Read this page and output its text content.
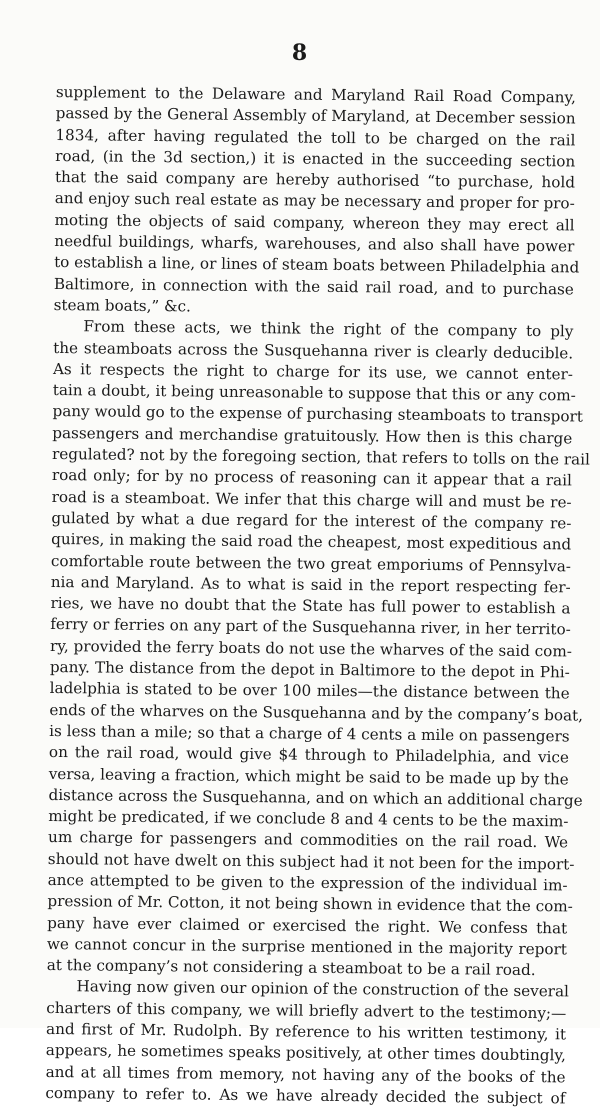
8
supplement to the Delaware and Maryland Rail Road Company,
passed by the General Assembly of Maryland, at December session
1834, after having regulated the toll to be charged on the rail
road, (in the 3d section,) it is enacted in the succeeding section
that the said company are hereby authorised “to purchase, hold
and enjoy such real estate as may be necessary and proper for pro-
moting the objects of said company, whereon they may erect all
needful buildings, wharfs, warehouses, and also shall have power
to establish a line, or lines of steam boats between Philadelphia and
Baltimore, in connection with the said rail road, and to purchase
steam boats,” &c.
From these acts, we think the right of the company to ply
the steamboats across the Susquehanna river is clearly deducible.
As it respects the right to charge for its use, we cannot enter-
tain a doubt, it being unreasonable to suppose that this or any com-
pany would go to the expense of purchasing steamboats to transport
passengers and merchandise gratuitously. How then is this charge
regulated? not by the foregoing section, that refers to tolls on the rail
road only; for by no process of reasoning can it appear that a rail
road is a steamboat. We infer that this charge will and must be re-
gulated by what a due regard for the interest of the company re-
quires, in making the said road the cheapest, most expeditious and
comfortable route between the two great emporiums of Pennsylva-
nia and Maryland. As to what is said in the report respecting fer-
ries, we have no doubt that the State has full power to establish a
ferry or ferries on any part of the Susquehanna river, in her territo-
ry, provided the ferry boats do not use the wharves of the said com-
pany. The distance from the depot in Baltimore to the depot in Phi-
ladelphia is stated to be over 100 miles—the distance between the
ends of the wharves on the Susquehanna and by the company’s boat,
is less than a mile; so that a charge of 4 cents a mile on passengers
on the rail road, would give $4 through to Philadelphia, and vice
versa, leaving a fraction, which might be said to be made up by the
distance across the Susquehanna, and on which an additional charge
might be predicated, if we conclude 8 and 4 cents to be the maxim-
um charge for passengers and commodities on the rail road. We
should not have dwelt on this subject had it not been for the import-
ance attempted to be given to the expression of the individual im-
pression of Mr. Cotton, it not being shown in evidence that the com-
pany have ever claimed or exercised the right. We confess that
we cannot concur in the surprise mentioned in the majority report
at the company’s not considering a steamboat to be a rail road.
Having now given our opinion of the construction of the several
charters of this company, we will briefly advert to the testimony;—
and first of Mr. Rudolph. By reference to his written testimony, it
appears, he sometimes speaks positively, at other times doubtingly,
and at all times from memory, not having any of the books of the
company to refer to. As we have already decided the subject of
